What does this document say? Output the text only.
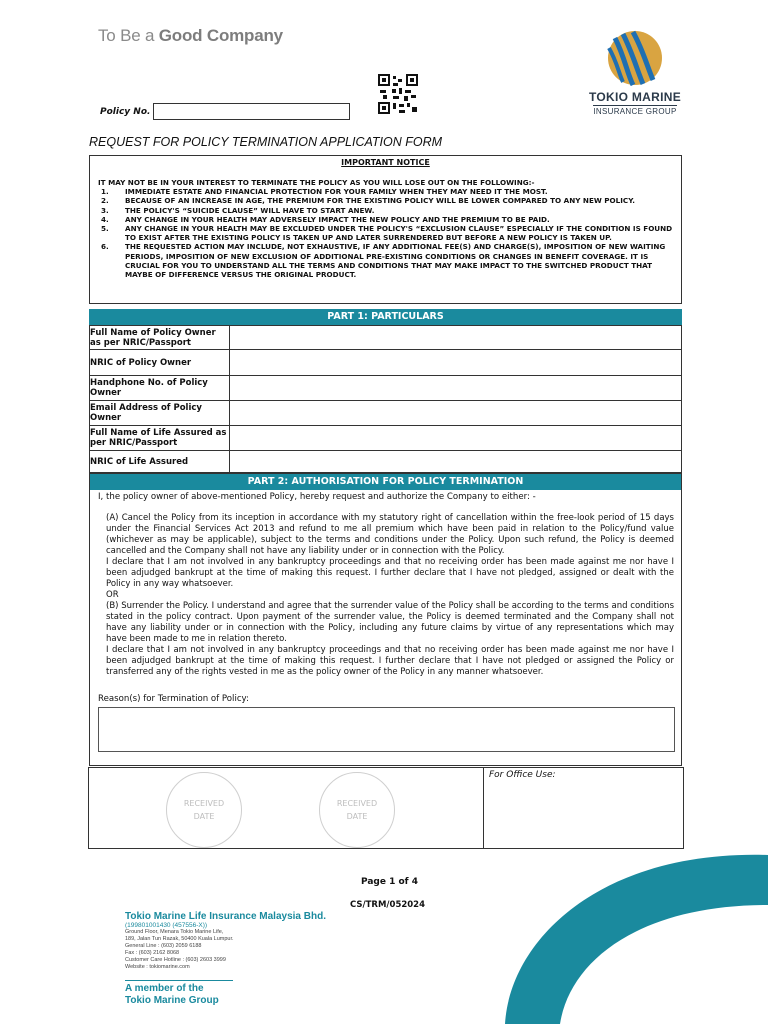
To Be a Good Company
TOKIO MARINE
INSURANCE GROUP
Policy No.
REQUEST FOR POLICY TERMINATION APPLICATION FORM
IMPORTANT NOTICE
IT MAY NOT BE IN YOUR INTEREST TO TERMINATE THE POLICY AS YOU WILL LOSE OUT ON THE FOLLOWING:-
1.	IMMEDIATE ESTATE AND FINANCIAL PROTECTION FOR YOUR FAMILY WHEN THEY MAY NEED IT THE MOST.
2.	BECAUSE OF AN INCREASE IN AGE, THE PREMIUM FOR THE EXISTING POLICY WILL BE LOWER COMPARED TO ANY NEW POLICY.
3.	THE POLICY'S “SUICIDE CLAUSE” WILL HAVE TO START ANEW.
4.	ANY CHANGE IN YOUR HEALTH MAY ADVERSELY IMPACT THE NEW POLICY AND THE PREMIUM TO BE PAID.
5.	ANY CHANGE IN YOUR HEALTH MAY BE EXCLUDED UNDER THE POLICY'S “EXCLUSION CLAUSE” ESPECIALLY IF THE CONDITION IS FOUND TO EXIST AFTER THE EXISTING POLICY IS TAKEN UP AND LATER SURRENDERED BUT BEFORE A NEW POLICY IS TAKEN UP.
6.	THE REQUESTED ACTION MAY INCLUDE, NOT EXHAUSTIVE, IF ANY ADDITIONAL FEE(S) AND CHARGE(S), IMPOSITION OF NEW WAITING PERIODS, IMPOSITION OF NEW EXCLUSION OF ADDITIONAL PRE-EXISTING CONDITIONS OR CHANGES IN BENEFIT COVERAGE. IT IS CRUCIAL FOR YOU TO UNDERSTAND ALL THE TERMS AND CONDITIONS THAT MAY MAKE IMPACT TO THE SWITCHED PRODUCT THAT MAYBE OF DIFFERENCE VERSUS THE ORIGINAL PRODUCT.
PART 1: PARTICULARS
Full Name of Policy Owner as per NRIC/Passport	
NRIC of Policy Owner	
Handphone No. of Policy Owner	
Email Address of Policy Owner	
Full Name of Life Assured as per NRIC/Passport	
NRIC of Life Assured	
PART 2: AUTHORISATION FOR POLICY TERMINATION
I, the policy owner of above-mentioned Policy, hereby request and authorize the Company to either: -
(A) Cancel the Policy from its inception in accordance with my statutory right of cancellation within the free-look period of 15 days under the Financial Services Act 2013 and refund to me all premium which have been paid in relation to the Policy/fund value (whichever as may be applicable), subject to the terms and conditions under the Policy. Upon such refund, the Policy is deemed cancelled and the Company shall not have any liability under or in connection with the Policy.
I declare that I am not involved in any bankruptcy proceedings and that no receiving order has been made against me nor have I been adjudged bankrupt at the time of making this request. I further declare that I have not pledged, assigned or dealt with the Policy in any way whatsoever.
OR
(B) Surrender the Policy. I understand and agree that the surrender value of the Policy shall be according to the terms and conditions stated in the policy contract. Upon payment of the surrender value, the Policy is deemed terminated and the Company shall not have any liability under or in connection with the Policy, including any future claims by virtue of any representations which may have been made to me in relation thereto.
I declare that I am not involved in any bankruptcy proceedings and that no receiving order has been made against me nor have I been adjudged bankrupt at the time of making this request. I further declare that I have not pledged or assigned the Policy or transferred any of the rights vested in me as the policy owner of the Policy in any manner whatsoever.
Reason(s) for Termination of Policy:
RECEIVED
DATE
RECEIVED
DATE
For Office Use:
Page 1 of 4
CS/TRM/052024
Tokio Marine Life Insurance Malaysia Bhd.
(199801001430 (457556-X))
Ground Floor, Menara Tokio Marine Life,
189, Jalan Tun Razak, 50400 Kuala Lumpur.
General Line : (603) 2059 6188
Fax : (603) 2162 8068
Customer Care Hotline : (603) 2603 3999
Website : tokiomarine.com
A member of the
Tokio Marine Group
